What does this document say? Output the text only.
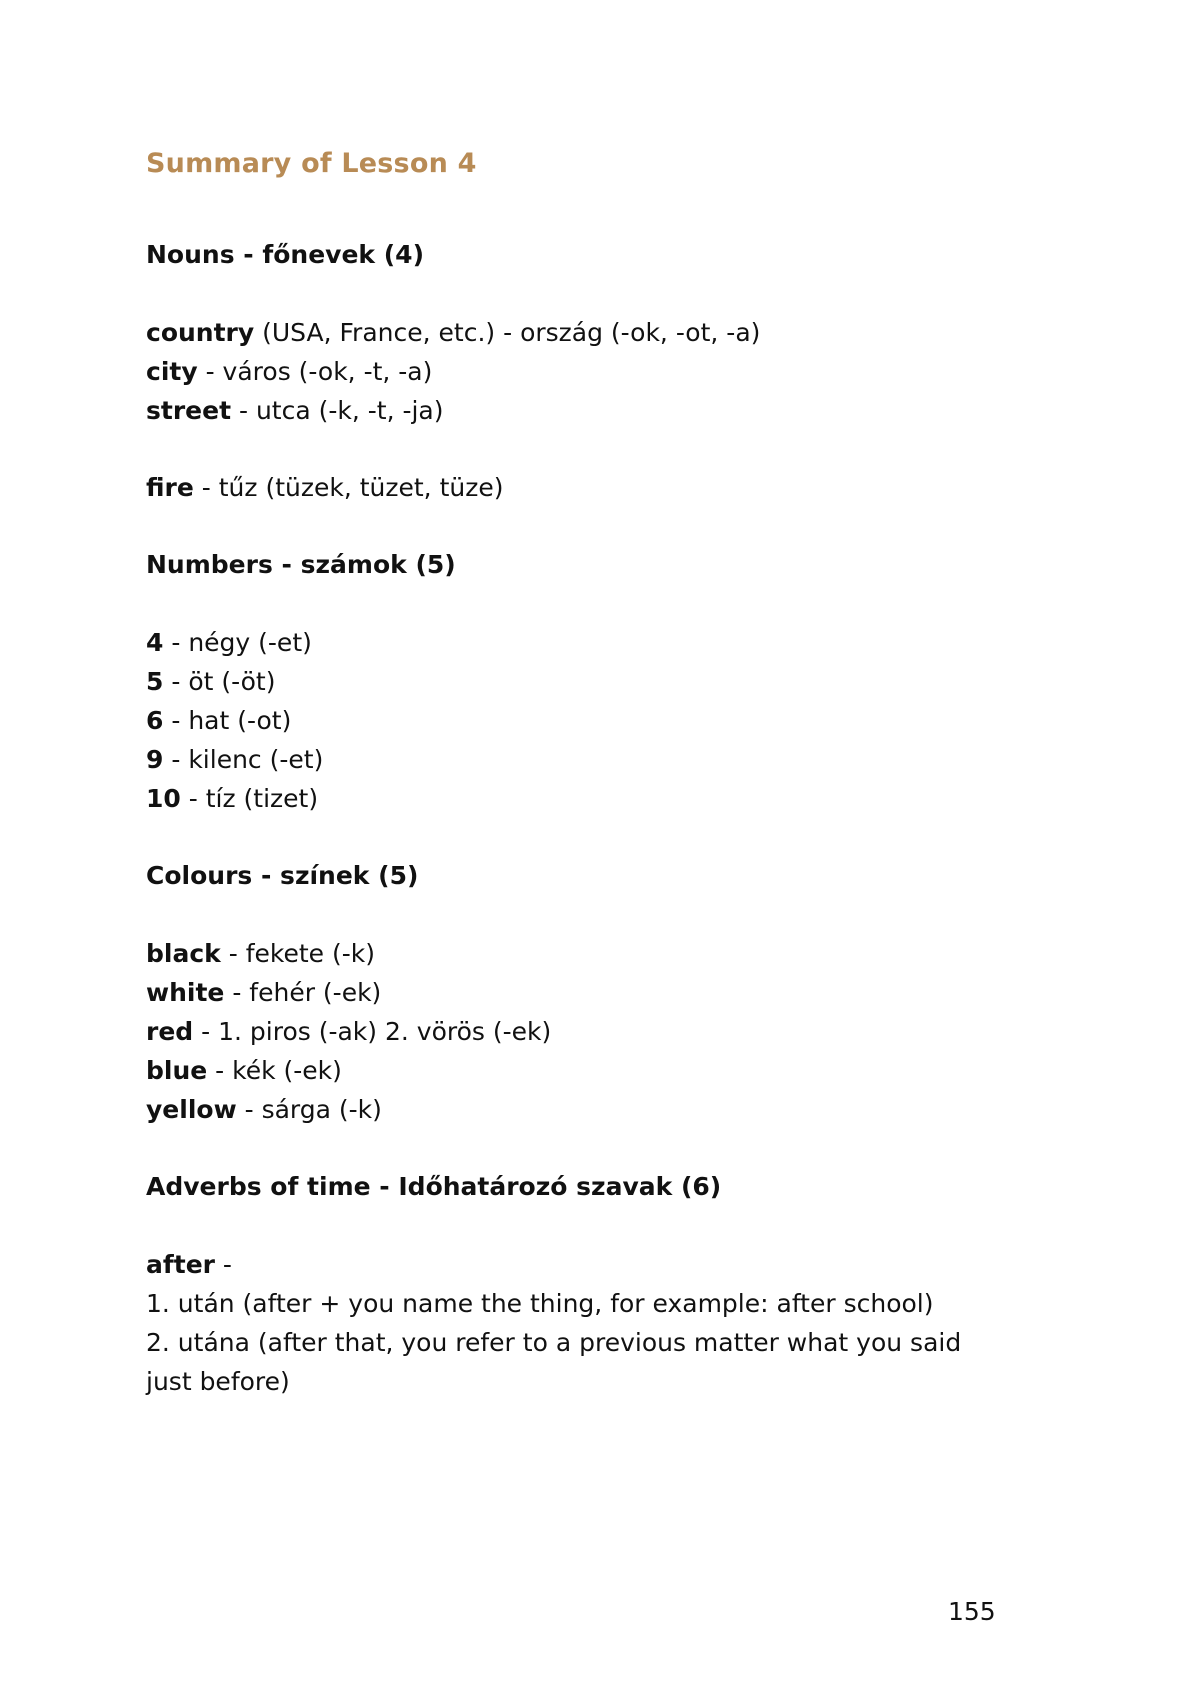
Summary of Lesson 4
Nouns - főnevek (4)
country (USA, France, etc.) - ország (-ok, -ot, -a)
city - város (-ok, -t, -a)
street - utca (-k, -t, -ja)
fire - tűz (tüzek, tüzet, tüze)
Numbers - számok (5)
4 - négy (-et)
5 - öt (-öt)
6 - hat (-ot)
9 - kilenc (-et)
10 - tíz (tizet)
Colours - színek (5)
black - fekete (-k)
white - fehér (-ek)
red - 1. piros (-ak) 2. vörös (-ek)
blue - kék (-ek)
yellow - sárga (-k)
Adverbs of time - Időhatározó szavak (6)
after -
1. után (after + you name the thing, for example: after school)
2. utána (after that, you refer to a previous matter what you said
just before)
155
